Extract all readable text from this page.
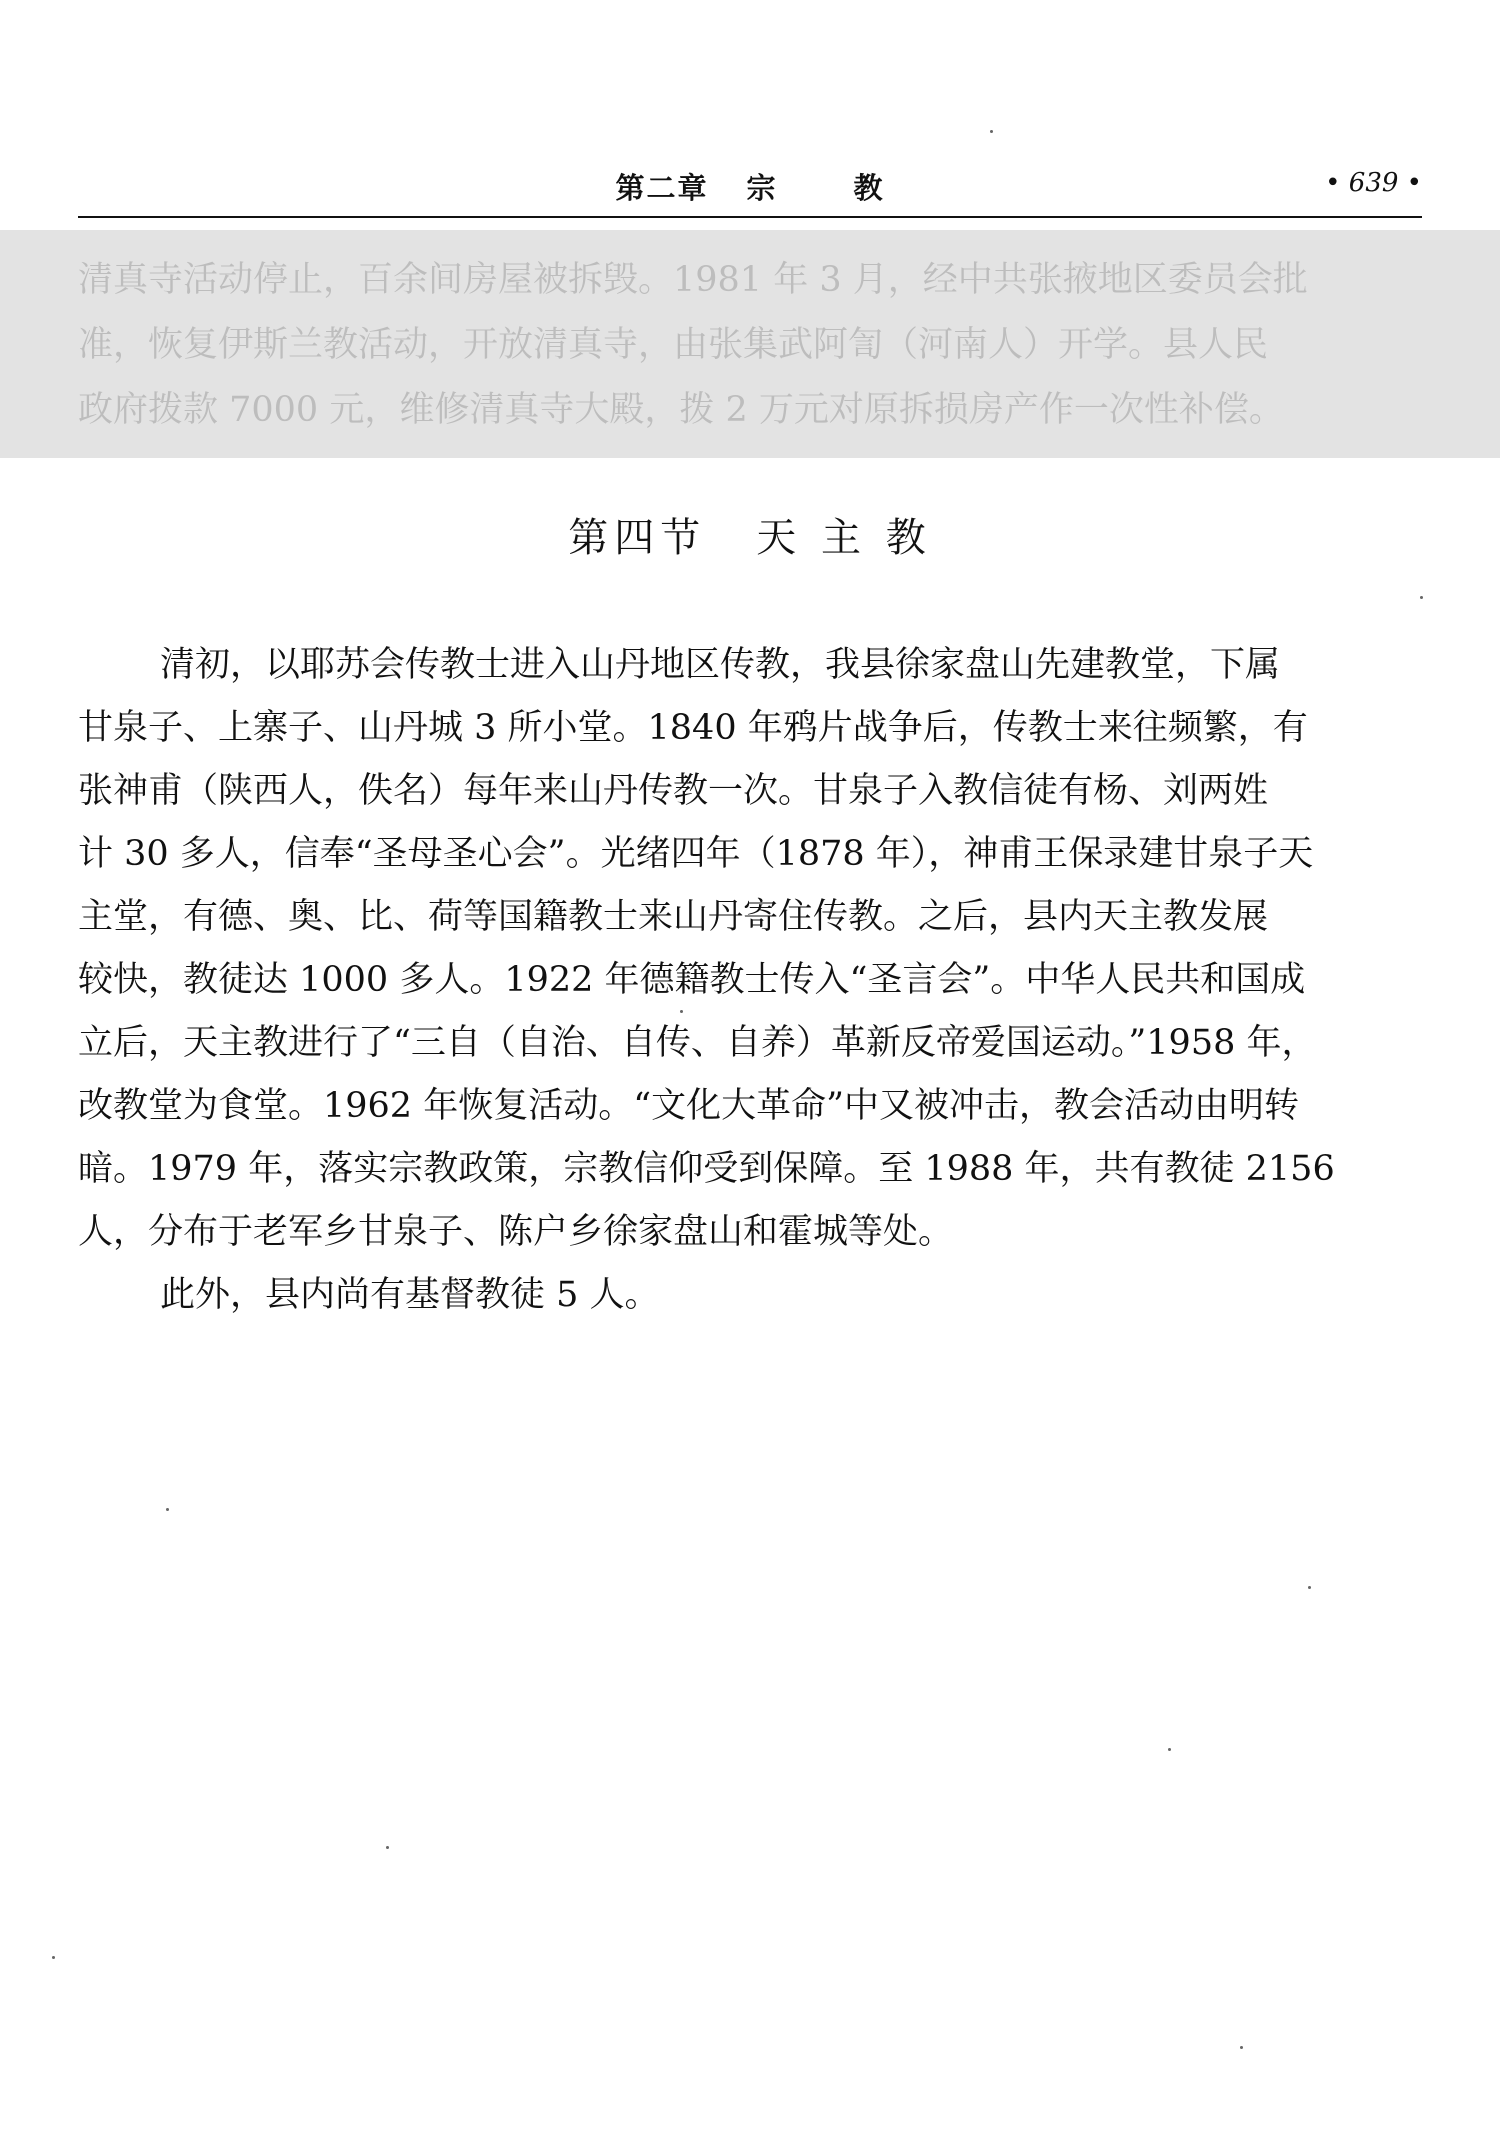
第二章 宗	教	• 639 •
清真寺活动停止，百余间房屋被拆毁。1981 年 3 月，经中共张掖地区委员会批
准，恢复伊斯兰教活动，开放清真寺，由张集武阿訇（河南人）开学。县人民
政府拨款 7000 元，维修清真寺大殿，拨 2 万元对原拆损房产作一次性补偿。
第四节 天 主 教
清初，以耶苏会传教士进入山丹地区传教，我县徐家盘山先建教堂，下属
甘泉子、上寨子、山丹城 3 所小堂。1840 年鸦片战争后，传教士来往频繁，有
张神甫（陕西人，佚名）每年来山丹传教一次。甘泉子入教信徒有杨、刘两姓
计 30 多人，信奉“圣母圣心会”。光绪四年（1878 年），神甫王保录建甘泉子天
主堂，有德、奥、比、荷等国籍教士来山丹寄住传教。之后，县内天主教发展
较快，教徒达 1000 多人。1922 年德籍教士传入“圣言会”。中华人民共和国成
立后，天主教进行了“三自（自治、自传、自养）革新反帝爱国运动。”1958 年，
改教堂为食堂。1962 年恢复活动。“文化大革命”中又被冲击，教会活动由明转
暗。1979 年，落实宗教政策，宗教信仰受到保障。至 1988 年，共有教徒 2156
人，分布于老军乡甘泉子、陈户乡徐家盘山和霍城等处。
此外，县内尚有基督教徒 5 人。
